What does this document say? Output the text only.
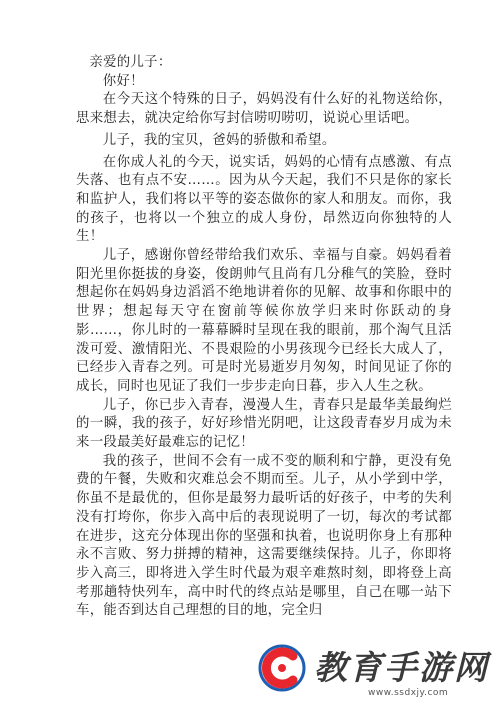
亲爱的儿子：

你好！

在今天这个特殊的日子，妈妈没有什么好的礼物送给你，思来想去，就决定给你写封信唠叨唠叨，说说心里话吧。

儿子，我的宝贝，爸妈的骄傲和希望。

在你成人礼的今天，说实话，妈妈的心情有点感激、有点失落、也有点不安……。因为从今天起，我们不只是你的家长和监护人，我们将以平等的姿态做你的家人和朋友。而你，我的孩子，也将以一个独立的成人身份，昂然迈向你独特的人生！

儿子，感谢你曾经带给我们欢乐、幸福与自豪。妈妈看着阳光里你挺拔的身姿，俊朗帅气且尚有几分稚气的笑脸，登时想起你在妈妈身边滔滔不绝地讲着你的见解、故事和你眼中的世界；想起每天守在窗前等候你放学归来时你跃动的身影……，你儿时的一幕幕瞬时呈现在我的眼前，那个淘气且活泼可爱、激情阳光、不畏艰险的小男孩现今已经长大成人了，已经步入青春之列。可是时光易逝岁月匆匆，时间见证了你的成长，同时也见证了我们一步步走向日暮，步入人生之秋。

儿子，你已步入青春，漫漫人生，青春只是最华美最绚烂的一瞬，我的孩子，好好珍惜光阴吧，让这段青春岁月成为未来一段最美好最难忘的记忆！

我的孩子，世间不会有一成不变的顺利和宁静，更没有免费的午餐，失败和灾难总会不期而至。儿子，从小学到中学，你虽不是最优的，但你是最努力最听话的好孩子，中考的失利没有打垮你，你步入高中后的表现说明了一切，每次的考试都在进步，这充分体现出你的坚强和执着，也说明你身上有那种永不言败、努力拼搏的精神，这需要继续保持。儿子，你即将步入高三，即将进入学生时代最为艰辛难熬时刻，即将登上高考那趟特快列车，高中时代的终点站是哪里，自己在哪一站下车，能否到达自己理想的目的地，完全归

教育手游网
www.ssdxjy.com
